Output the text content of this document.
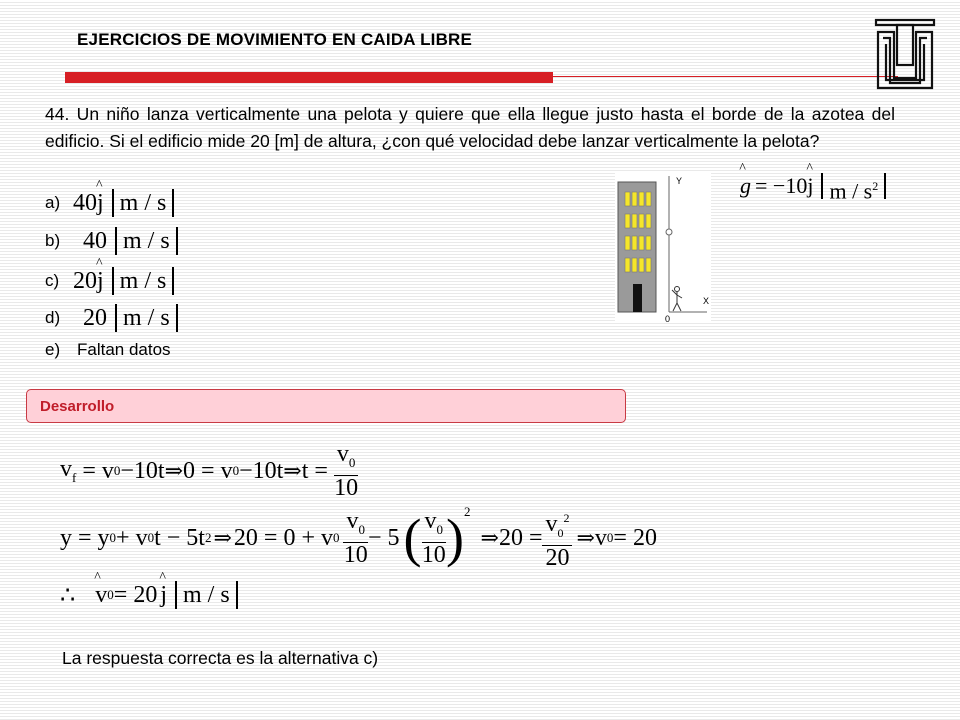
EJERCICIOS DE MOVIMIENTO EN CAIDA LIBRE
44. Un niño lanza verticalmente una pelota y quiere que ella llegue justo hasta el borde de la azotea del edificio. Si el edificio mide 20 [m] de altura, ¿con qué velocidad debe lanzar verticalmente la pelota?
a) 40^ j m / s
b) 40 m / s
c) 20^ j m / s
d) 20 m / s
e) Faltan datos
^ g = −10 ^ j m / $s^2$
Y
X
0
Desarrollo
$v_f = v$ 0 −10t ⇒ 0 = v 0 −10t ⇒ $t = \frac{v_0}{10}$
y = y 0 + v 0 t − 5t 2 ⇒ 20 = 0 + v 0
$v_0$
10
− 5 ( $v_0$
10 )$^2$
⇒ $20 = \frac{v_0^2}{20}$ ⇒ v 0 = 20
∴ ^ v 0 = 20 ^ j m / s
La respuesta correcta es la alternativa c)
